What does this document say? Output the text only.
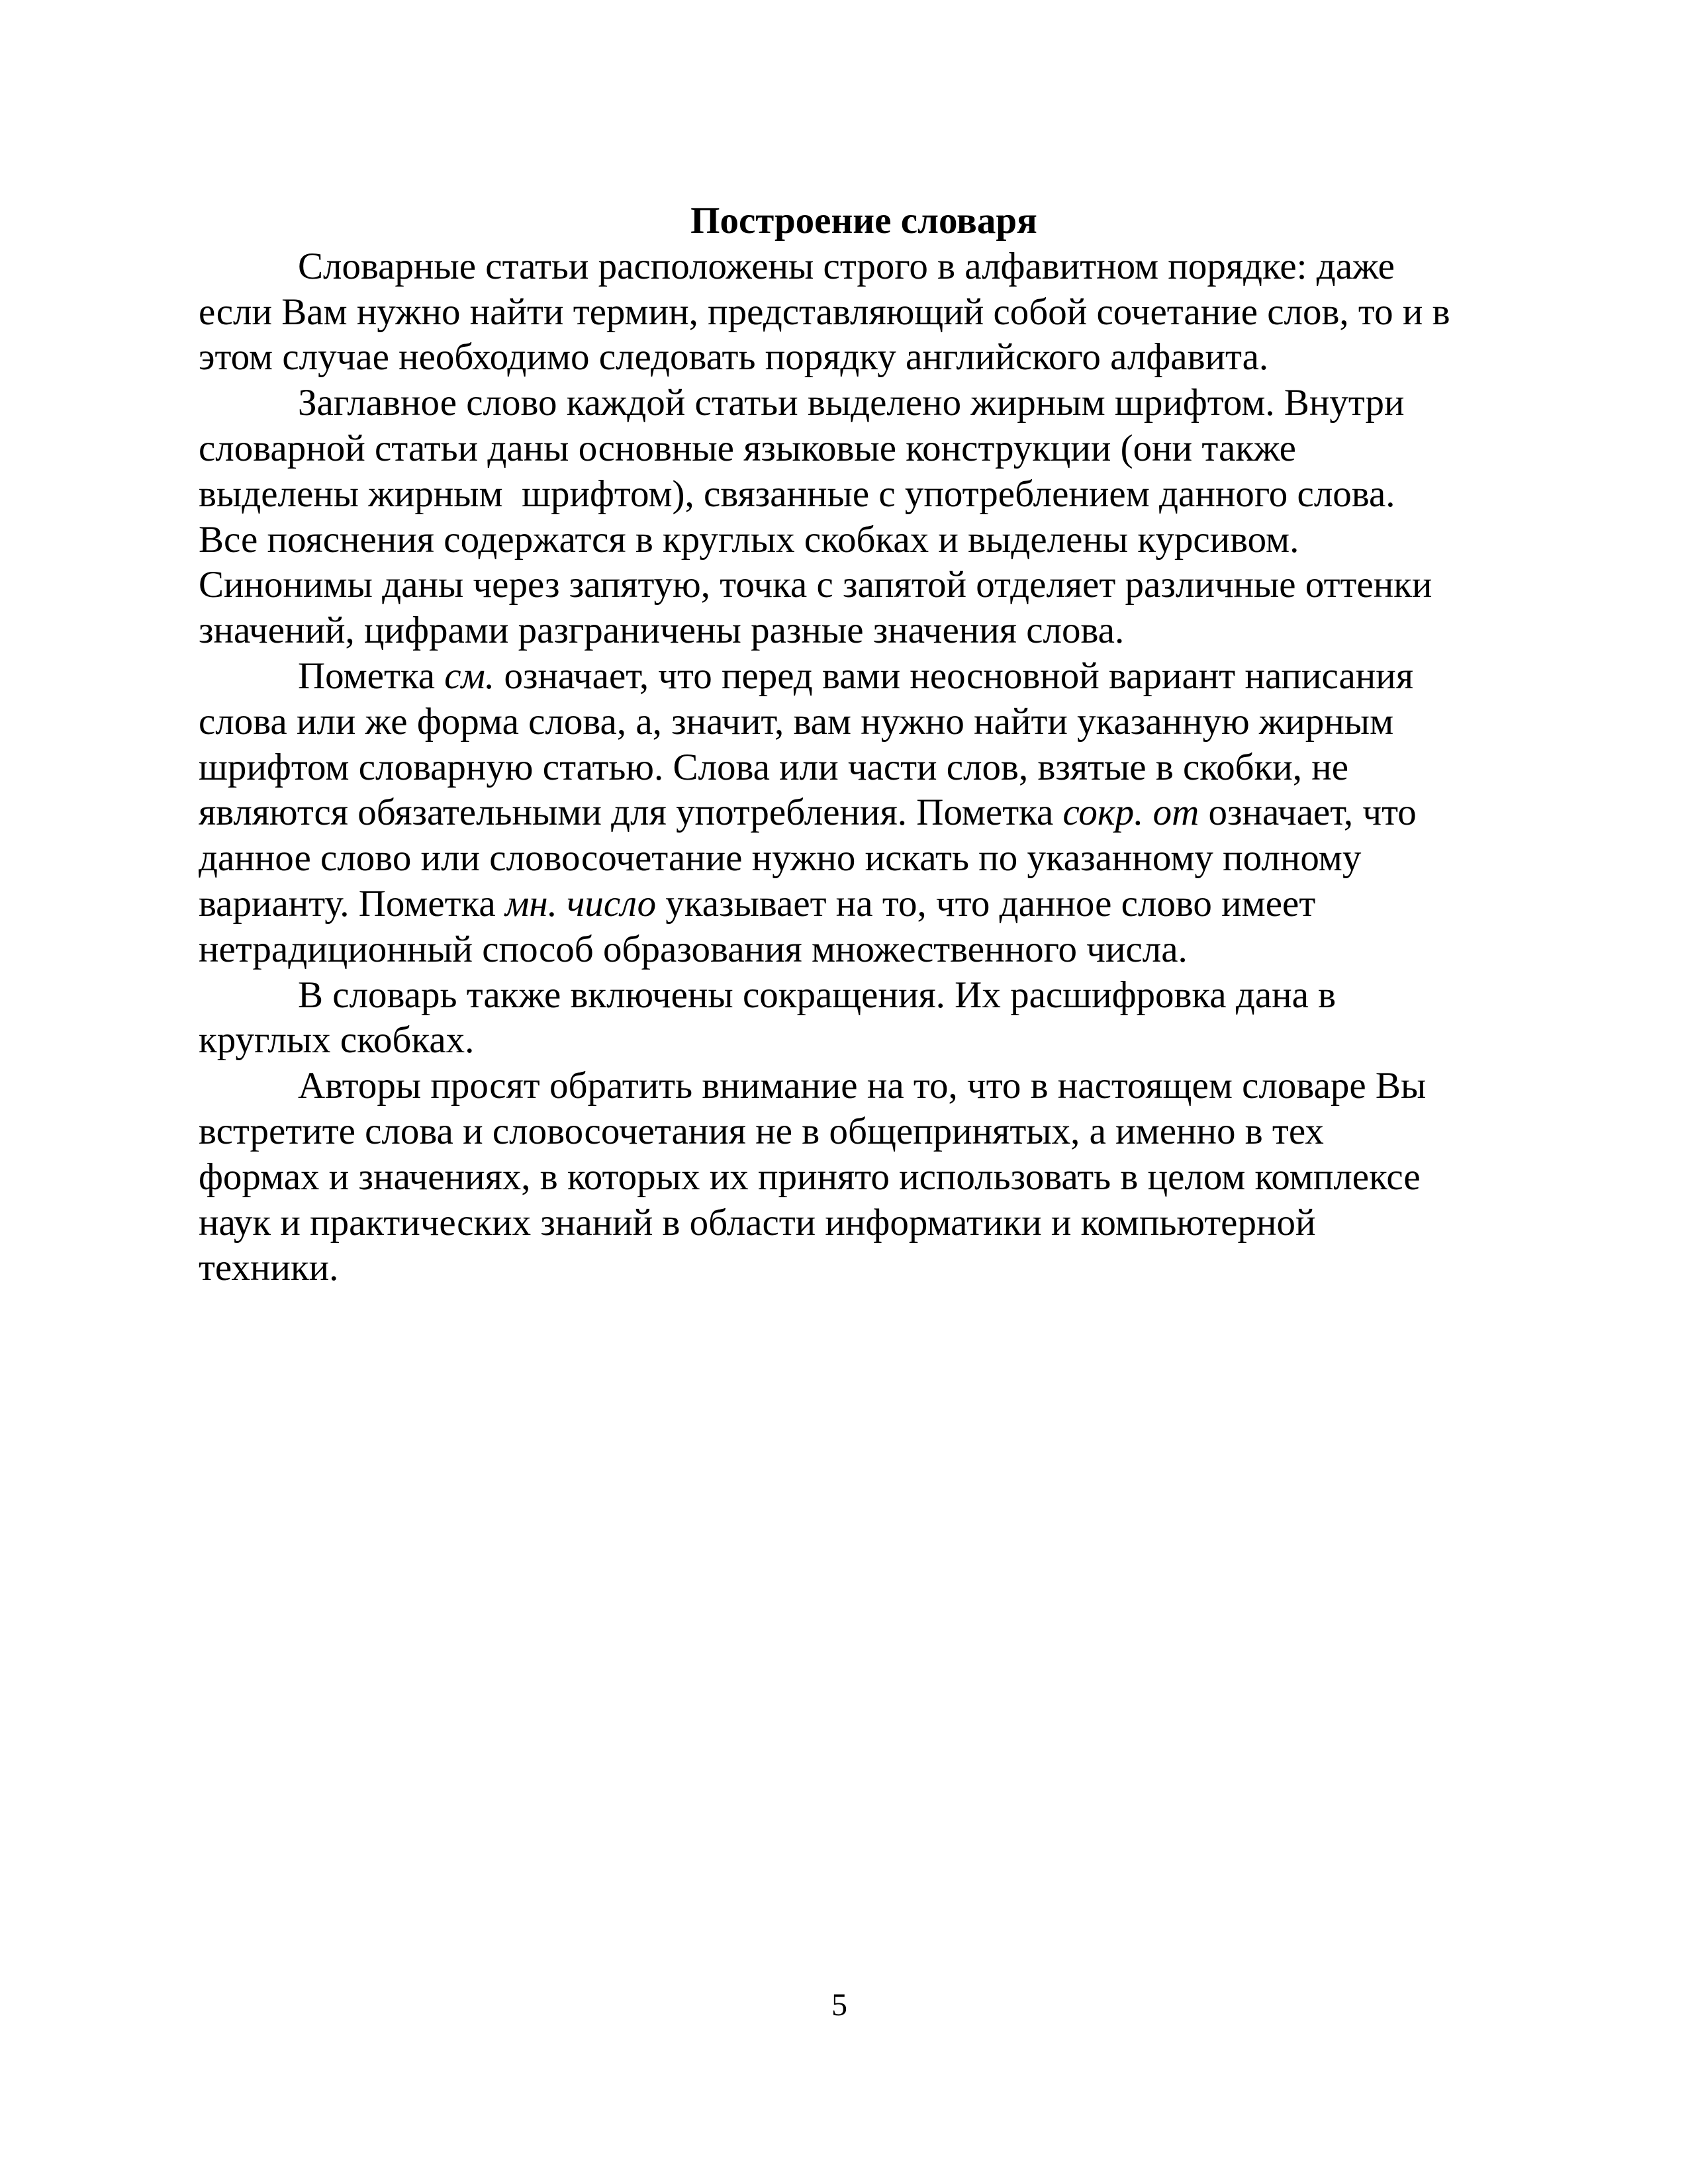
Построение словаря
Словарные статьи расположены строго в алфавитном порядке: даже
если Вам нужно найти термин, представляющий собой сочетание слов, то и в
этом случае необходимо следовать порядку английского алфавита.
Заглавное слово каждой статьи выделено жирным шрифтом. Внутри
словарной статьи даны основные языковые конструкции (они также
выделены жирным  шрифтом), связанные с употреблением данного слова.
Все пояснения содержатся в круглых скобках и выделены курсивом.
Синонимы даны через запятую, точка с запятой отделяет различные оттенки
значений, цифрами разграничены разные значения слова.
Пометка см. означает, что перед вами неосновной вариант написания
слова или же форма слова, а, значит, вам нужно найти указанную жирным
шрифтом словарную статью. Слова или части слов, взятые в скобки, не
являются обязательными для употребления. Пометка сокр. от означает, что
данное слово или словосочетание нужно искать по указанному полному
варианту. Пометка мн. число указывает на то, что данное слово имеет
нетрадиционный способ образования множественного числа.
В словарь также включены сокращения. Их расшифровка дана в
круглых скобках.
Авторы просят обратить внимание на то, что в настоящем словаре Вы
встретите слова и словосочетания не в общепринятых, а именно в тех
формах и значениях, в которых их принято использовать в целом комплексе
наук и практических знаний в области информатики и компьютерной
техники.
5
